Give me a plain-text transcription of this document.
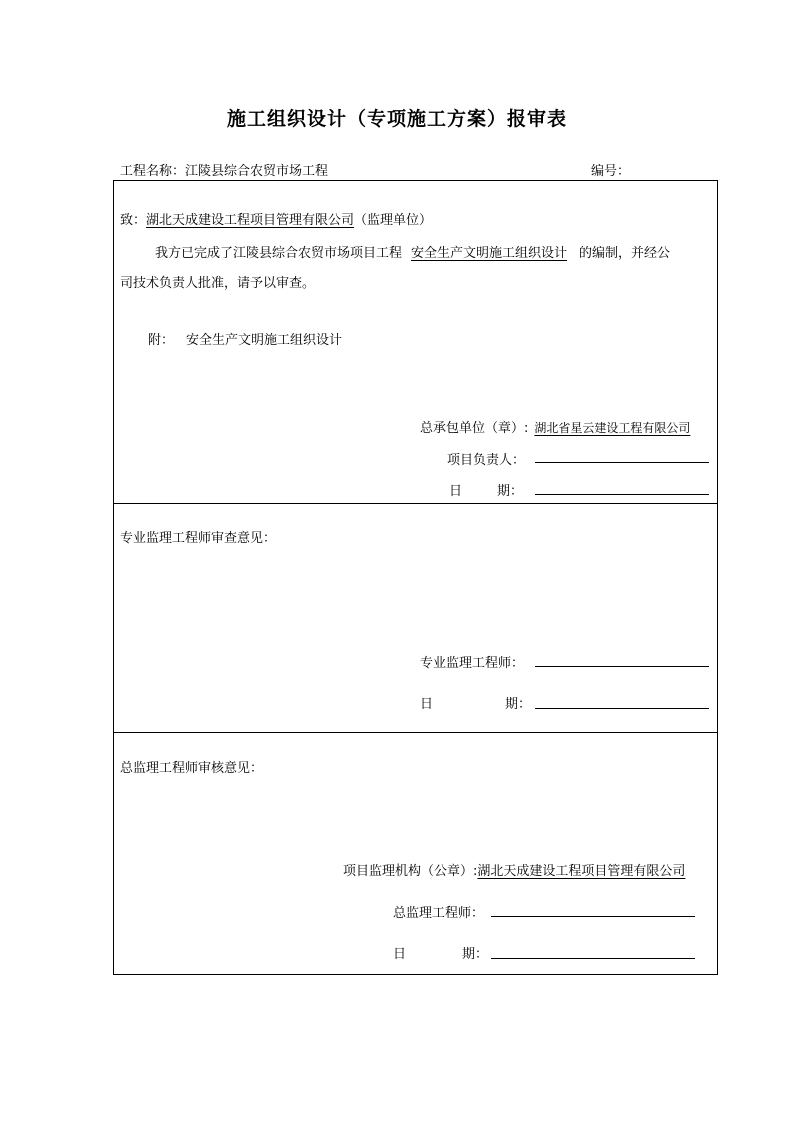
施工组织设计（专项施工方案）报审表
工程名称：江陵县综合农贸市场工程	编号：
致：湖北天成建设工程项目管理有限公司（监理单位）
我方已完成了江陵县综合农贸市场项目工程 安全生产文明施工组织设计 的编制，并经公
司技术负责人批准，请予以审查。
附： 安全生产文明施工组织设计
总承包单位（章）: 湖北省星云建设工程有限公司
项目负责人：
日	期：
专业监理工程师审查意见：
专业监理工程师：
日	期：
总监理工程师审核意见：
项目监理机构（公章）:湖北天成建设工程项目管理有限公司
总监理工程师：
日	期：
